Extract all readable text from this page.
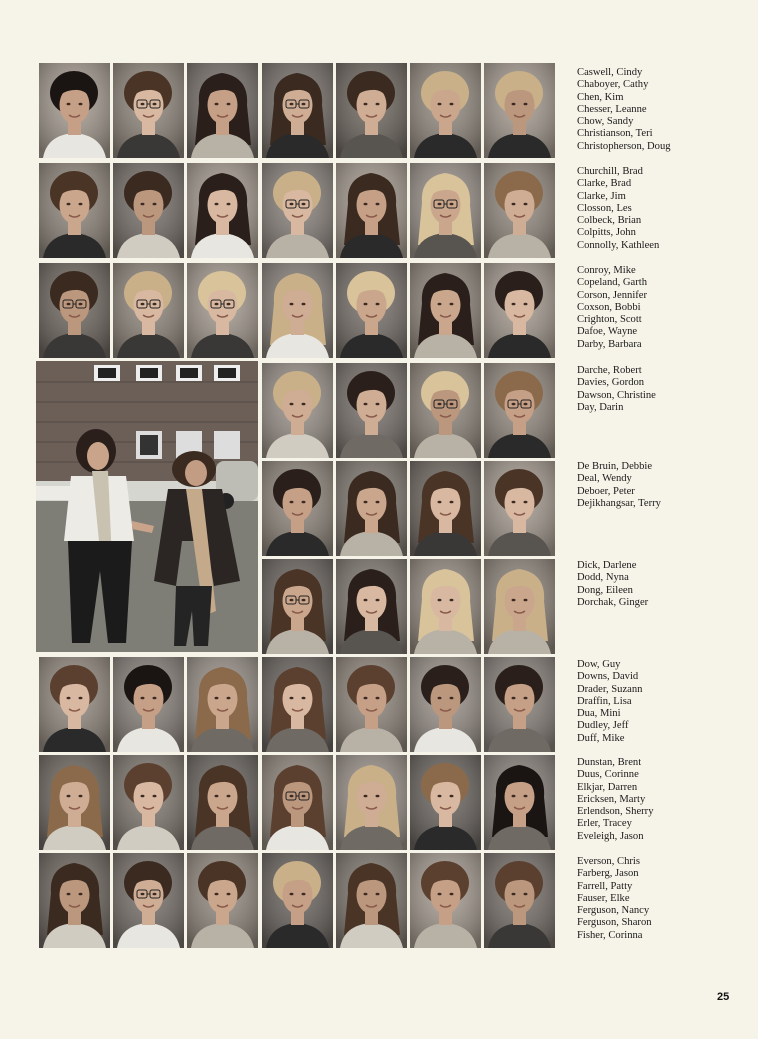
Caswell, Cindy
Chaboyer, Cathy
Chen, Kim
Chesser, Leanne
Chow, Sandy
Christianson, Teri
Christopherson, Doug
Churchill, Brad
Clarke, Brad
Clarke, Jim
Closson, Les
Colbeck, Brian
Colpitts, John
Connolly, Kathleen
Conroy, Mike
Copeland, Garth
Corson, Jennifer
Coxson, Bobbi
Crighton, Scott
Dafoe, Wayne
Darby, Barbara
Darche, Robert
Davies, Gordon
Dawson, Christine
Day, Darin
De Bruin, Debbie
Deal, Wendy
Deboer, Peter
Dejikhangsar, Terry
Dick, Darlene
Dodd, Nyna
Dong, Eileen
Dorchak, Ginger
Dow, Guy
Downs, David
Drader, Suzann
Draffin, Lisa
Dua, Mini
Dudley, Jeff
Duff, Mike
Dunstan, Brent
Duus, Corinne
Elkjar, Darren
Ericksen, Marty
Erlendson, Sherry
Erler, Tracey
Eveleigh, Jason
Everson, Chris
Farberg, Jason
Farrell, Patty
Fauser, Elke
Ferguson, Nancy
Ferguson, Sharon
Fisher, Corinna
25
